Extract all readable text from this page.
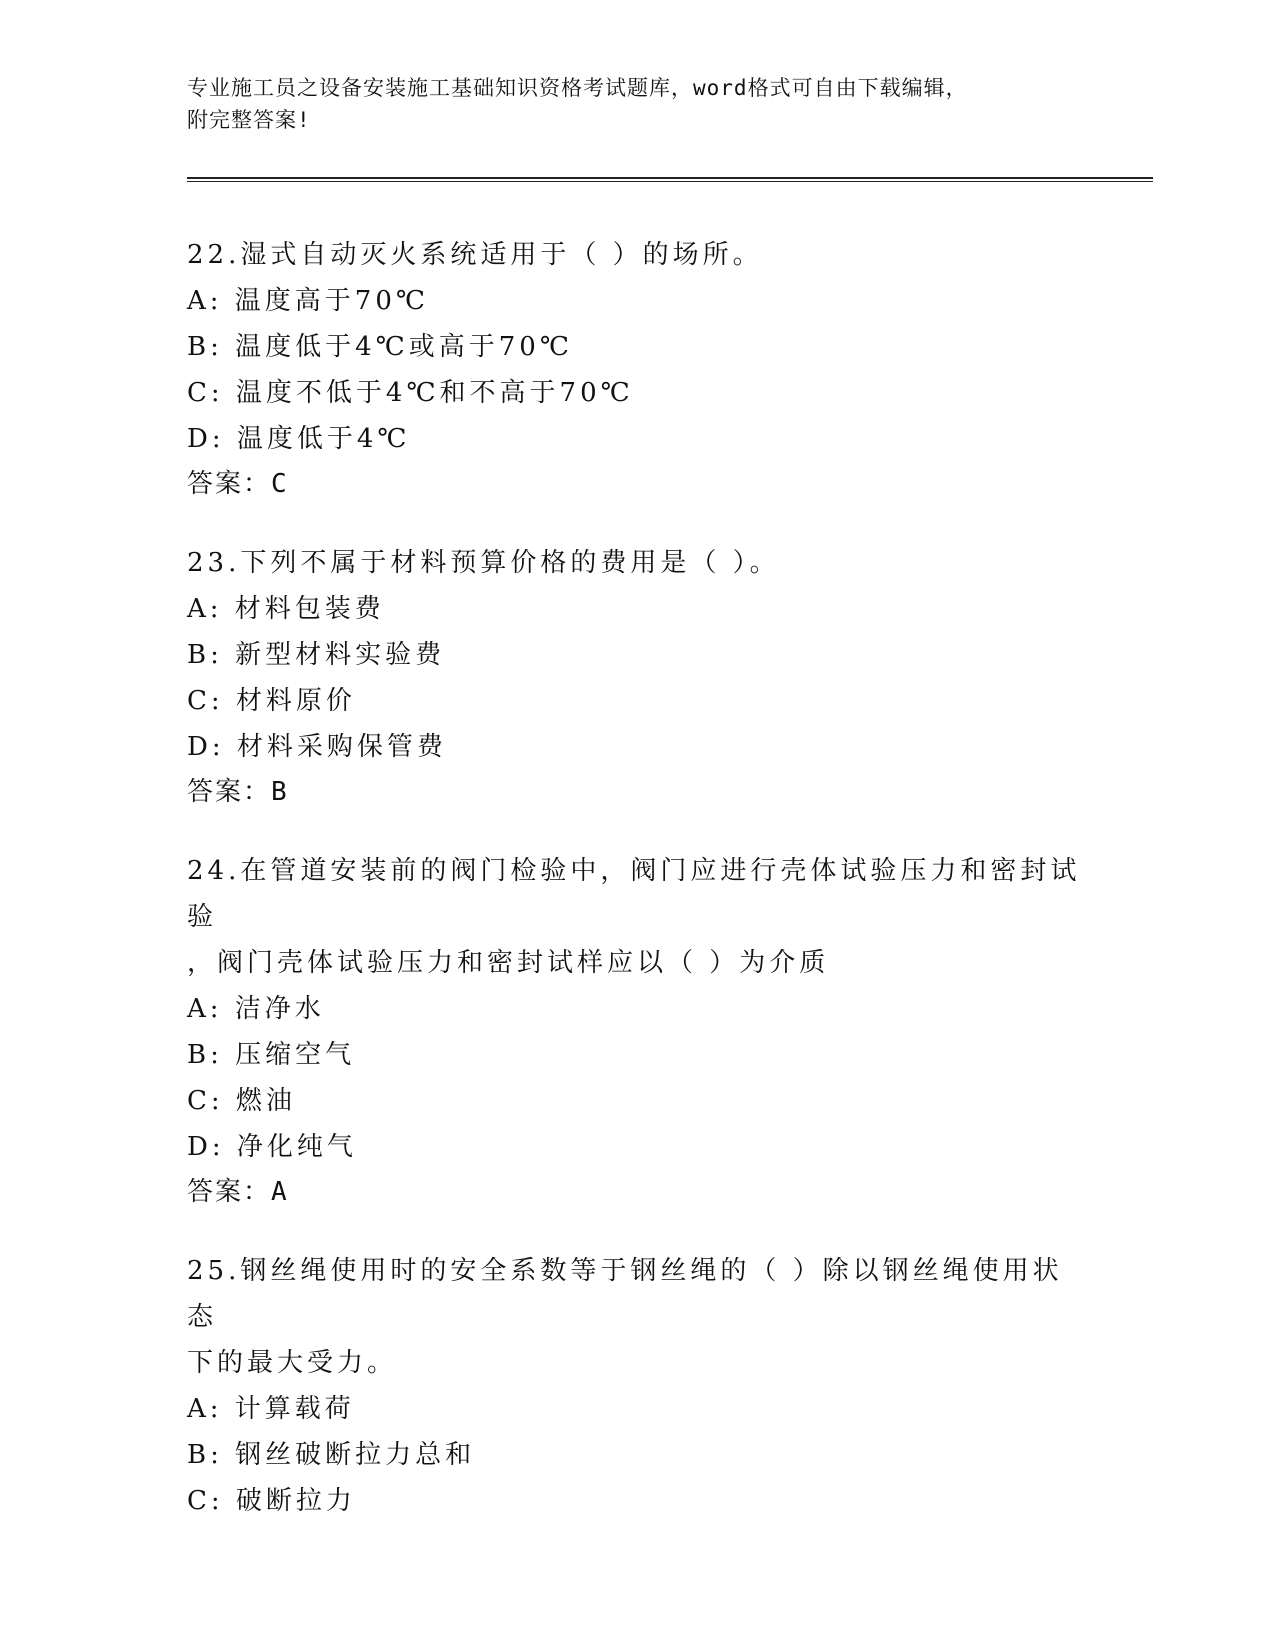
专业施工员之设备安装施工基础知识资格考试题库，word格式可自由下载编辑，
附完整答案!
22.湿式自动灭火系统适用于（ ）的场所。
A: 温度高于70℃
B: 温度低于4℃或高于70℃
C: 温度不低于4℃和不高于70℃
D: 温度低于4℃
答案：C
23.下列不属于材料预算价格的费用是（ ）。
A: 材料包装费
B: 新型材料实验费
C: 材料原价
D: 材料采购保管费
答案：B
24.在管道安装前的阀门检验中，阀门应进行壳体试验压力和密封试验
，阀门壳体试验压力和密封试样应以（ ）为介质
A: 洁净水
B: 压缩空气
C: 燃油
D: 净化纯气
答案：A
25.钢丝绳使用时的安全系数等于钢丝绳的（ ）除以钢丝绳使用状态
下的最大受力。
A: 计算载荷
B: 钢丝破断拉力总和
C: 破断拉力
